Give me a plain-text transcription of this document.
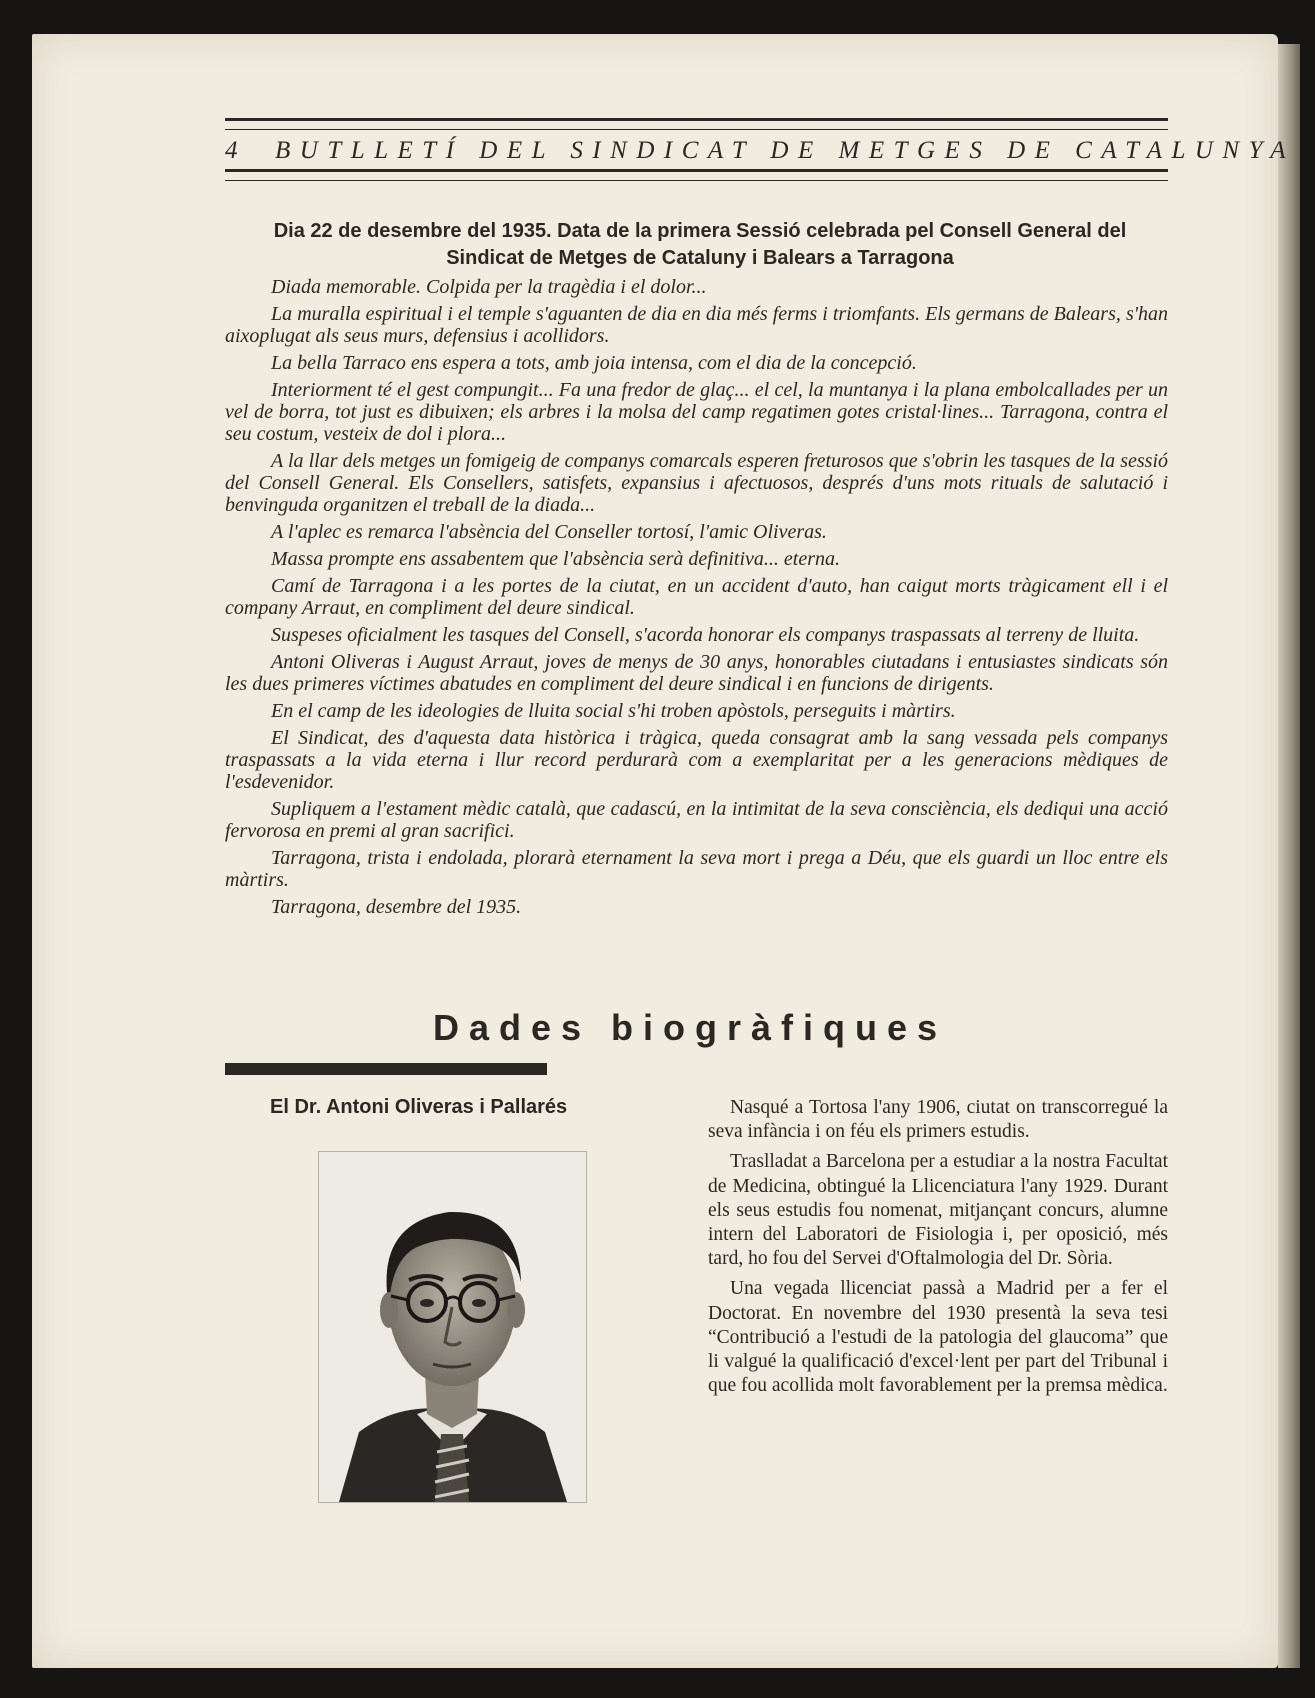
4 BUTLLETÍ DEL SINDICAT DE METGES DE CATALUNYA
Dia 22 de desembre del 1935. Data de la primera Sessió celebrada pel Consell General del
Sindicat de Metges de Cataluny i Balears a Tarragona

Diada memorable. Colpida per la tragèdia i el dolor...

La muralla espiritual i el temple s'aguanten de dia en dia més ferms i triomfants. Els germans de Balears, s'han aixoplugat als seus murs, defensius i acollidors.

La bella Tarraco ens espera a tots, amb joia intensa, com el dia de la concepció.

Interiorment té el gest compungit... Fa una fredor de glaç... el cel, la muntanya i la plana embolcallades per un vel de borra, tot just es dibuixen; els arbres i la molsa del camp regatimen gotes cristal·lines... Tarragona, contra el seu costum, vesteix de dol i plora...

A la llar dels metges un fomigeig de companys comarcals esperen freturosos que s'obrin les tasques de la sessió del Consell General. Els Consellers, satisfets, expansius i afectuosos, després d'uns mots rituals de salutació i benvinguda organitzen el treball de la diada...

A l'aplec es remarca l'absència del Conseller tortosí, l'amic Oliveras.

Massa prompte ens assabentem que l'absència serà definitiva... eterna.

Camí de Tarragona i a les portes de la ciutat, en un accident d'auto, han caigut morts tràgicament ell i el company Arraut, en compliment del deure sindical.

Suspeses oficialment les tasques del Consell, s'acorda honorar els companys traspassats al terreny de lluita.

Antoni Oliveras i August Arraut, joves de menys de 30 anys, honorables ciutadans i entusiastes sindicats són les dues primeres víctimes abatudes en compliment del deure sindical i en funcions de dirigents.

En el camp de les ideologies de lluita social s'hi troben apòstols, perseguits i màrtirs.

El Sindicat, des d'aquesta data històrica i tràgica, queda consagrat amb la sang vessada pels companys traspassats a la vida eterna i llur record perdurarà com a exemplaritat per a les generacions mèdiques de l'esdevenidor.

Supliquem a l'estament mèdic català, que cadascú, en la intimitat de la seva consciència, els dediqui una acció fervorosa en premi al gran sacrifici.

Tarragona, trista i endolada, plorarà eternament la seva mort i prega a Déu, que els guardi un lloc entre els màrtirs.

Tarragona, desembre del 1935.

Dades biogràfiques
El Dr. Antoni Oliveras i Pallarés	Nasqué a Tortosa l'any 1906, ciutat on transcorregué la seva infància i on féu els primers estudis.

Traslladat a Barcelona per a estudiar a la nostra Facultat de Medicina, obtingué la Llicenciatura l'any 1929. Durant els seus estudis fou nomenat, mitjançant concurs, alumne intern del Laboratori de Fisiologia i, per oposició, més tard, ho fou del Servei d'Oftalmologia del Dr. Sòria.

Una vegada llicenciat passà a Madrid per a fer el Doctorat. En novembre del 1930 presentà la seva tesi “Contribució a l'estudi de la patologia del glaucoma” que li valgué la qualificació d'excel·lent per part del Tribunal i que fou acollida molt favorablement per la premsa mèdica.
